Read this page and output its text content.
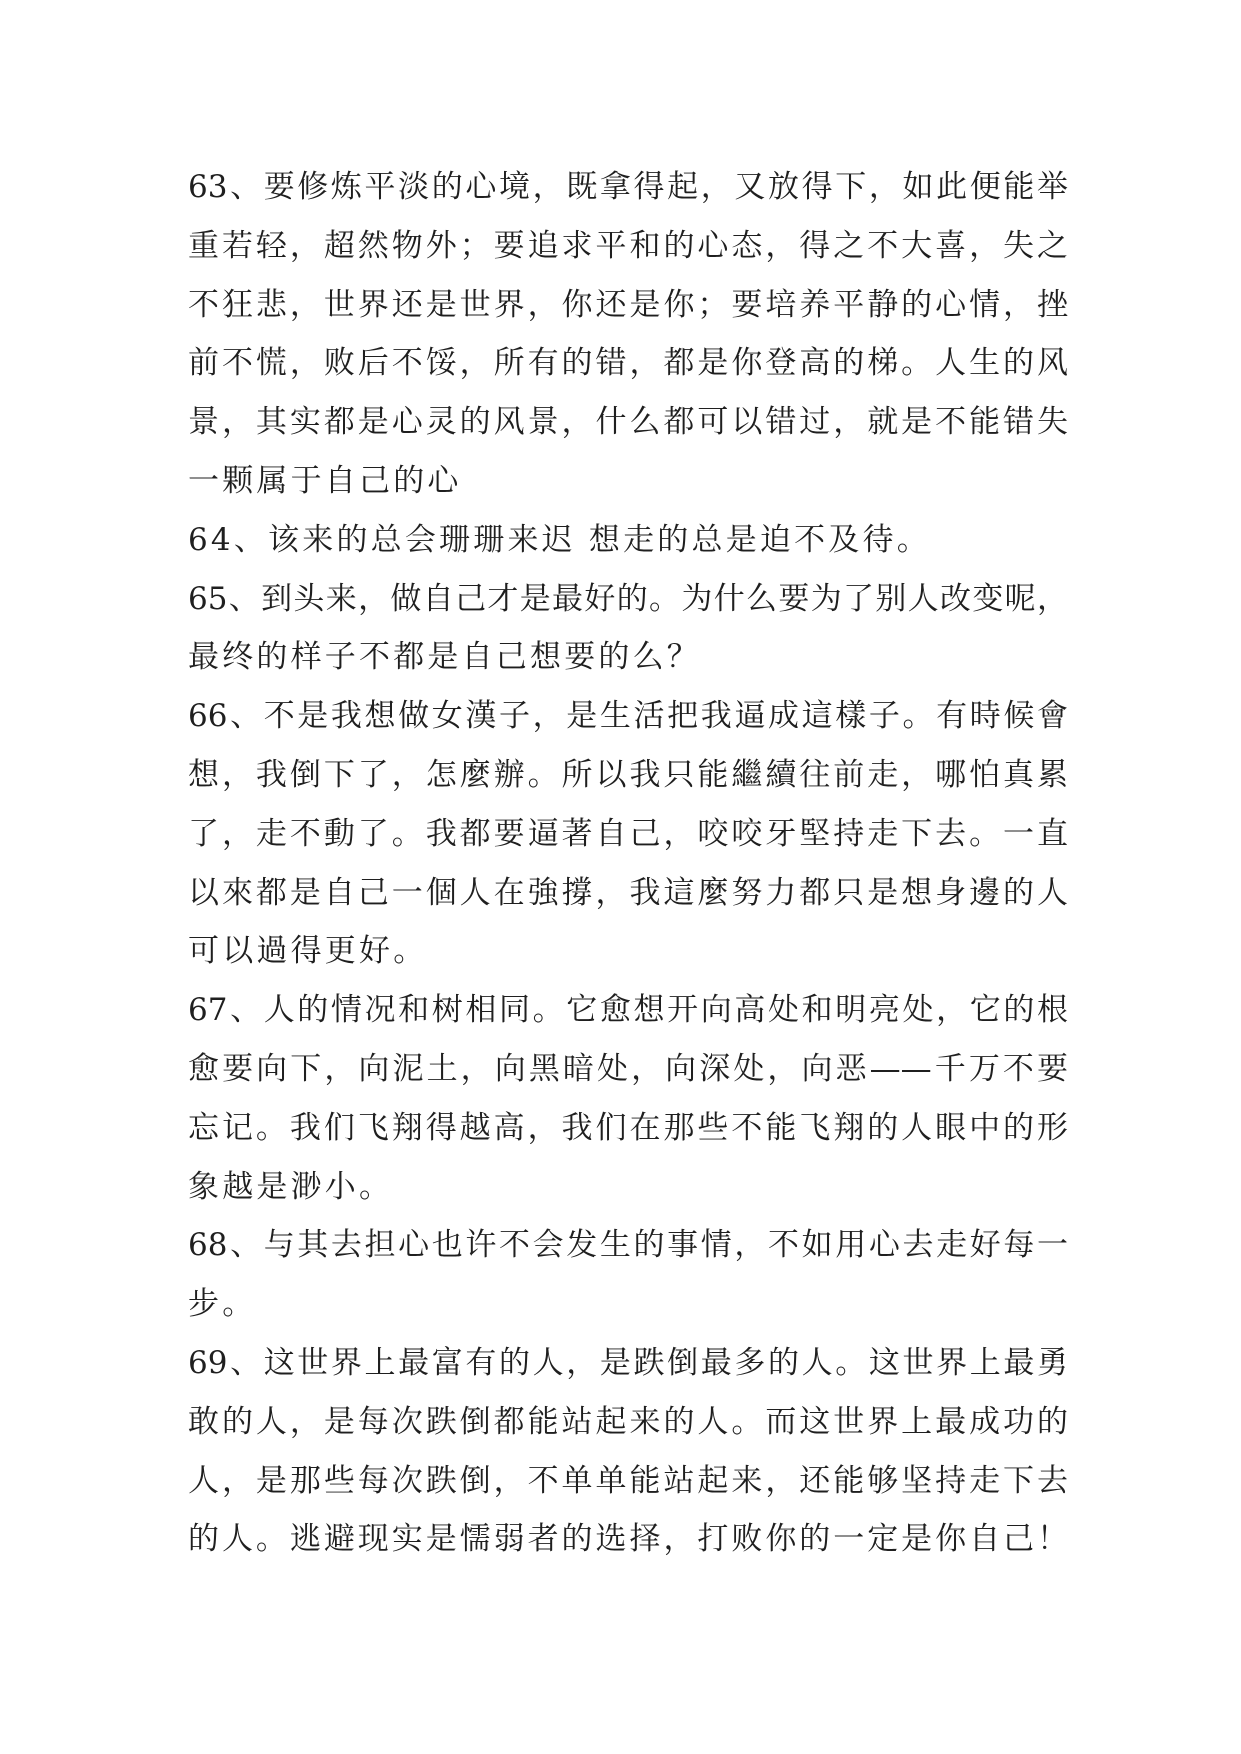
63、要修炼平淡的心境，既拿得起，又放得下，如此便能举
重若轻，超然物外；要追求平和的心态，得之不大喜，失之
不狂悲，世界还是世界，你还是你；要培养平静的心情，挫
前不慌，败后不馁，所有的错，都是你登高的梯。人生的风
景，其实都是心灵的风景，什么都可以错过，就是不能错失
一颗属于自己的心
64、该来的总会珊珊来迟 想走的总是迫不及待。
65、到头来，做自己才是最好的。为什么要为了别人改变呢，
最终的样子不都是自己想要的么？
66、不是我想做女漢子，是生活把我逼成這樣子。有時候會
想，我倒下了，怎麼辦。所以我只能繼續往前走，哪怕真累
了，走不動了。我都要逼著自己，咬咬牙堅持走下去。一直
以來都是自己一個人在強撐，我這麼努力都只是想身邊的人
可以過得更好。
67、人的情况和树相同。它愈想开向高处和明亮处，它的根
愈要向下，向泥土，向黑暗处，向深处，向恶——千万不要
忘记。我们飞翔得越高，我们在那些不能飞翔的人眼中的形
象越是渺小。
68、与其去担心也许不会发生的事情，不如用心去走好每一
步。
69、这世界上最富有的人，是跌倒最多的人。这世界上最勇
敢的人，是每次跌倒都能站起来的人。而这世界上最成功的
人，是那些每次跌倒，不单单能站起来，还能够坚持走下去
的人。逃避现实是懦弱者的选择，打败你的一定是你自己！
